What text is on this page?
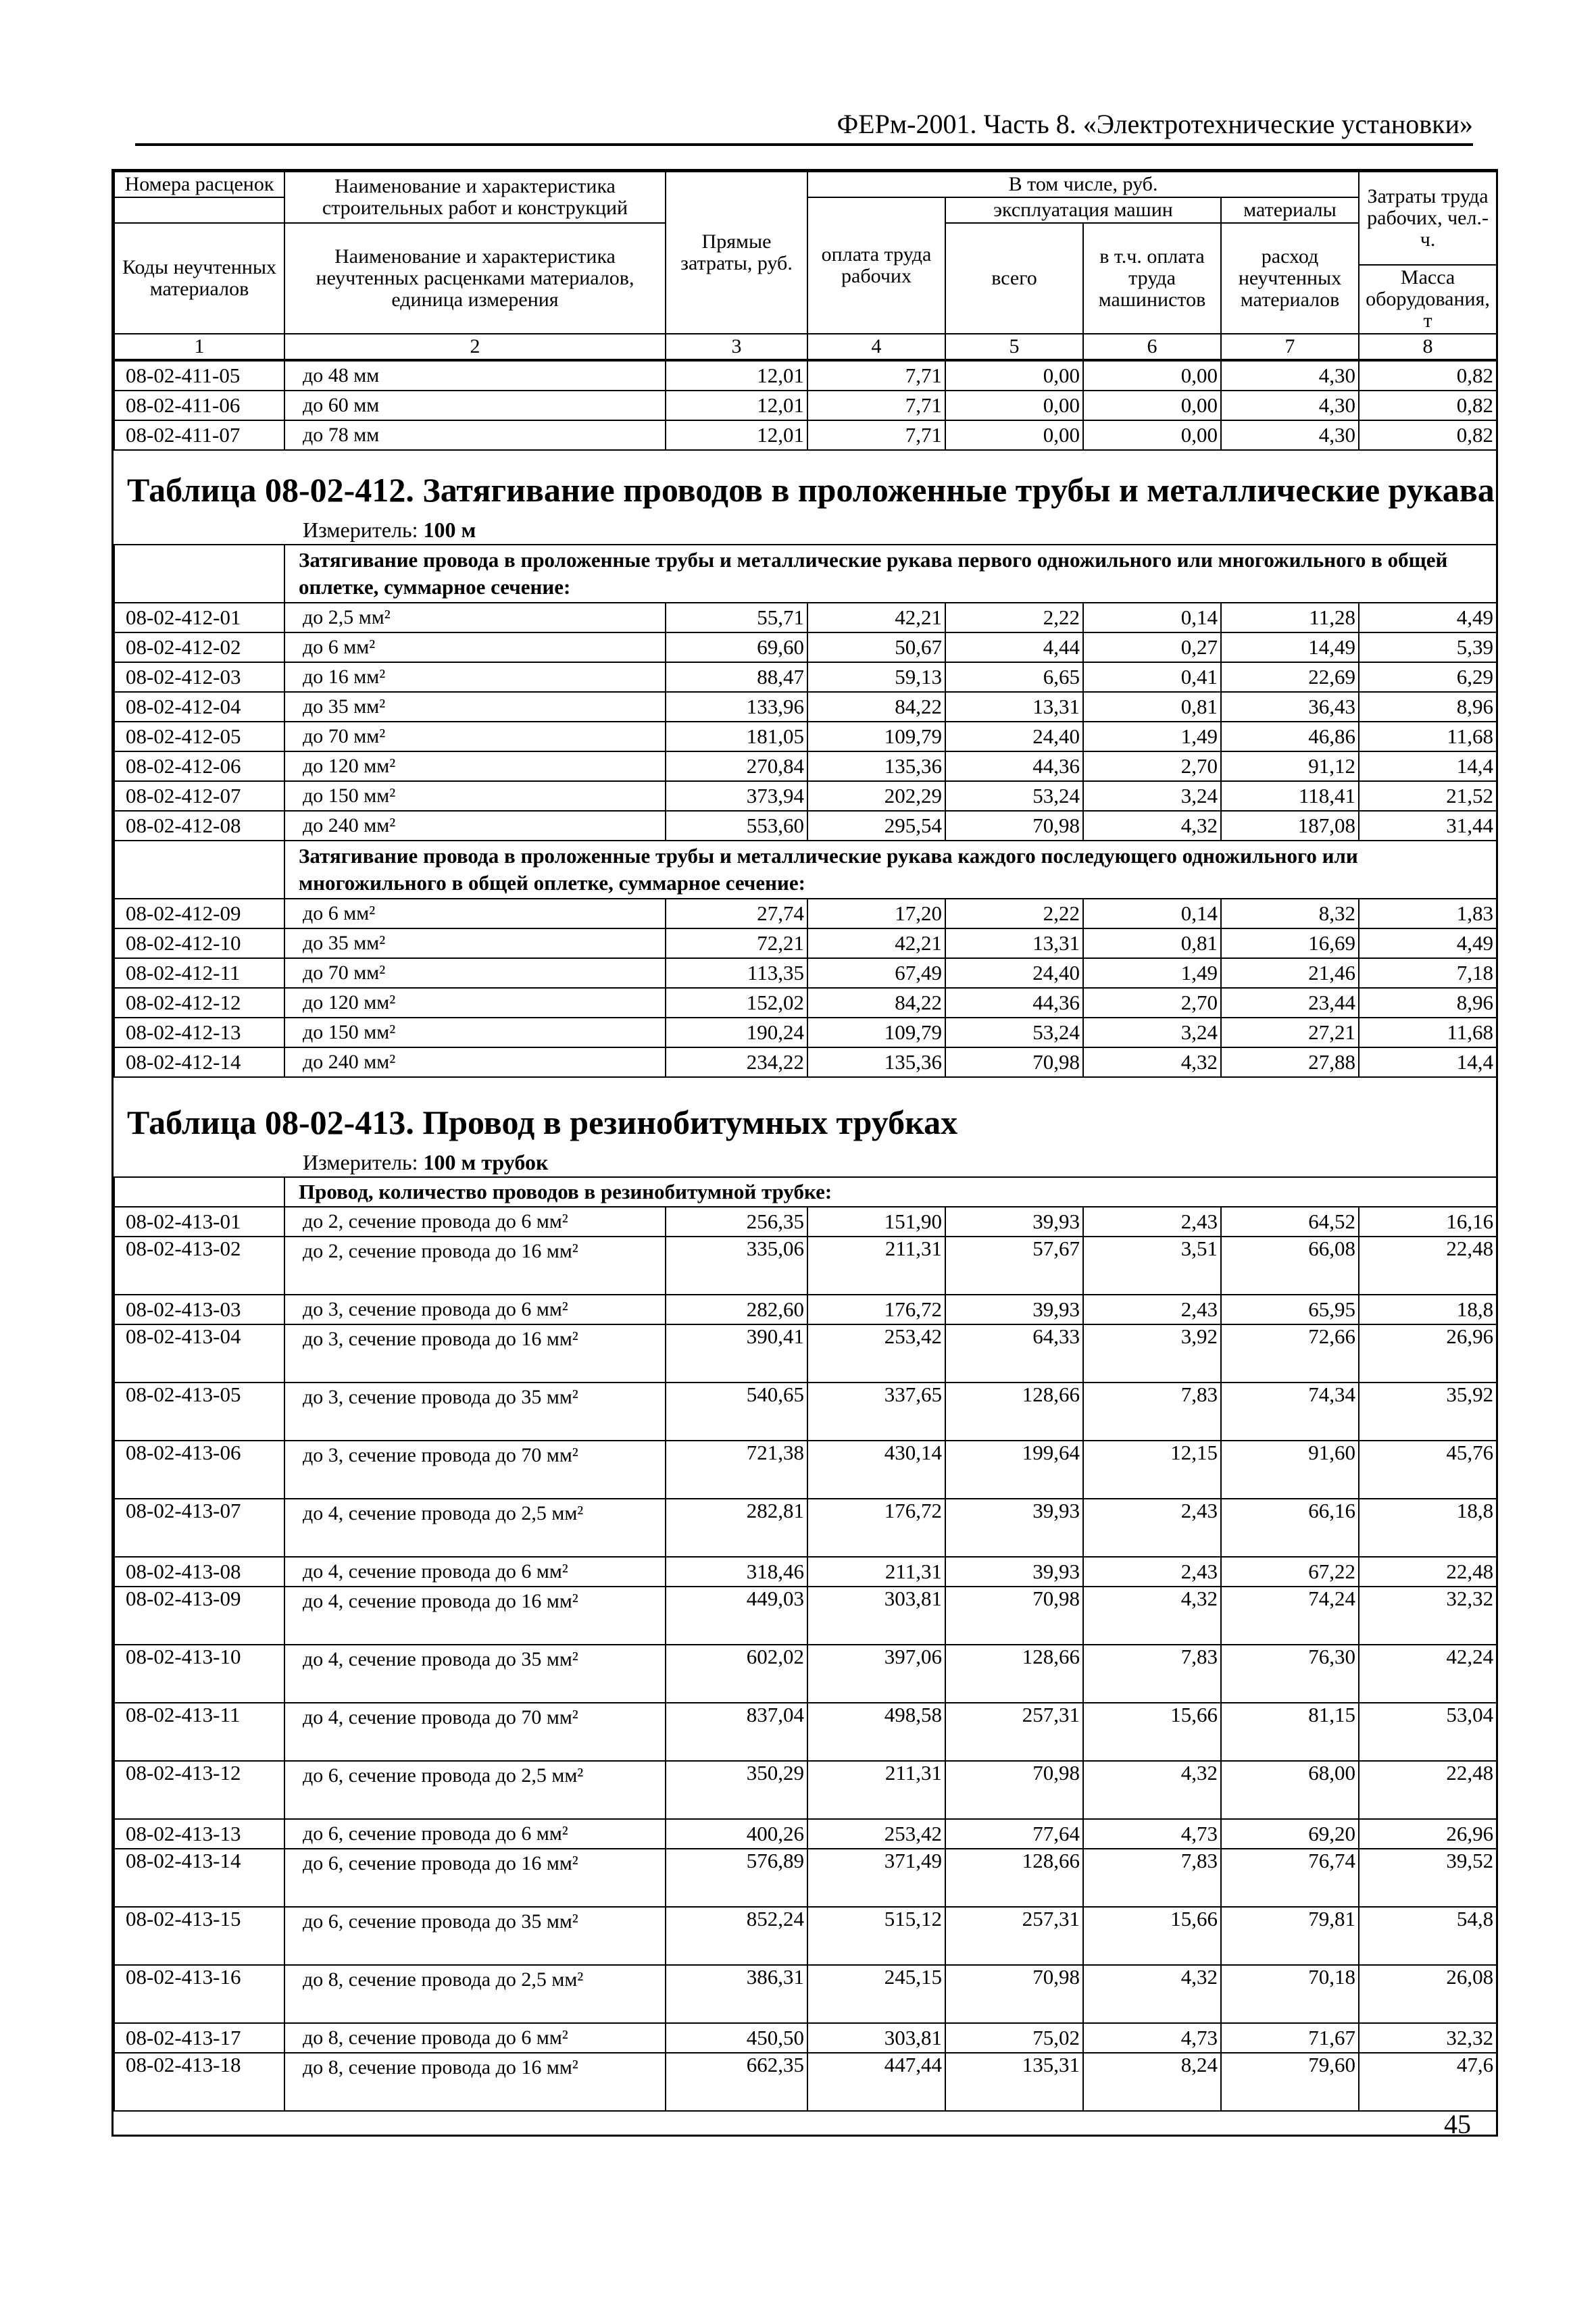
ФЕРм-2001. Часть 8. «Электротехнические установки»
Номера расценок	Наименование и характеристика строительных работ и конструкций	Прямые затраты, руб.	В том числе, руб.				Затраты труда рабочих, чел.-ч.
			оплата труда рабочих	эксплуатация машин		материалы	
Коды неучтенных материалов	Наименование и характеристика неучтенных расценками материалов, единица измерения			всего	в т.ч. оплата труда машинистов	расход неучтенных материалов	
							Масса оборудования, т

1	2	3	4	5	6	7	8
08-02-411-05	до 48 мм	12,01	7,71	0,00	0,00	4,30	0,82
08-02-411-06	до 60 мм	12,01	7,71	0,00	0,00	4,30	0,82
08-02-411-07	до 78 мм	12,01	7,71	0,00	0,00	4,30	0,82
Таблица 08-02-412. Затягивание проводов в проложенные трубы и металлические рукава
Измеритель: 100 м
	Затягивание провода в проложенные трубы и металлические рукава первого одножильного или многожильного в общей оплетке, суммарное сечение:						
08-02-412-01	до 2,5 мм²	55,71	42,21	2,22	0,14	11,28	4,49
08-02-412-02	до 6 мм²	69,60	50,67	4,44	0,27	14,49	5,39
08-02-412-03	до 16 мм²	88,47	59,13	6,65	0,41	22,69	6,29
08-02-412-04	до 35 мм²	133,96	84,22	13,31	0,81	36,43	8,96
08-02-412-05	до 70 мм²	181,05	109,79	24,40	1,49	46,86	11,68
08-02-412-06	до 120 мм²	270,84	135,36	44,36	2,70	91,12	14,4
08-02-412-07	до 150 мм²	373,94	202,29	53,24	3,24	118,41	21,52
08-02-412-08	до 240 мм²	553,60	295,54	70,98	4,32	187,08	31,44
	Затягивание провода в проложенные трубы и металлические рукава каждого последующего одножильного или многожильного в общей оплетке, суммарное сечение:						
08-02-412-09	до 6 мм²	27,74	17,20	2,22	0,14	8,32	1,83
08-02-412-10	до 35 мм²	72,21	42,21	13,31	0,81	16,69	4,49
08-02-412-11	до 70 мм²	113,35	67,49	24,40	1,49	21,46	7,18
08-02-412-12	до 120 мм²	152,02	84,22	44,36	2,70	23,44	8,96
08-02-412-13	до 150 мм²	190,24	109,79	53,24	3,24	27,21	11,68
08-02-412-14	до 240 мм²	234,22	135,36	70,98	4,32	27,88	14,4
Таблица 08-02-413. Провод в резинобитумных трубках
Измеритель: 100 м трубок
	Провод, количество проводов в резинобитумной трубке:						
08-02-413-01	до 2, сечение провода до 6 мм²	256,35	151,90	39,93	2,43	64,52	16,16
08-02-413-02	до 2, сечение провода до 16 мм²	335,06	211,31	57,67	3,51	66,08	22,48
08-02-413-03	до 3, сечение провода до 6 мм²	282,60	176,72	39,93	2,43	65,95	18,8
08-02-413-04	до 3, сечение провода до 16 мм²	390,41	253,42	64,33	3,92	72,66	26,96
08-02-413-05	до 3, сечение провода до 35 мм²	540,65	337,65	128,66	7,83	74,34	35,92
08-02-413-06	до 3, сечение провода до 70 мм²	721,38	430,14	199,64	12,15	91,60	45,76
08-02-413-07	до 4, сечение провода до 2,5 мм²	282,81	176,72	39,93	2,43	66,16	18,8
08-02-413-08	до 4, сечение провода до 6 мм²	318,46	211,31	39,93	2,43	67,22	22,48
08-02-413-09	до 4, сечение провода до 16 мм²	449,03	303,81	70,98	4,32	74,24	32,32
08-02-413-10	до 4, сечение провода до 35 мм²	602,02	397,06	128,66	7,83	76,30	42,24
08-02-413-11	до 4, сечение провода до 70 мм²	837,04	498,58	257,31	15,66	81,15	53,04
08-02-413-12	до 6, сечение провода до 2,5 мм²	350,29	211,31	70,98	4,32	68,00	22,48
08-02-413-13	до 6, сечение провода до 6 мм²	400,26	253,42	77,64	4,73	69,20	26,96
08-02-413-14	до 6, сечение провода до 16 мм²	576,89	371,49	128,66	7,83	76,74	39,52
08-02-413-15	до 6, сечение провода до 35 мм²	852,24	515,12	257,31	15,66	79,81	54,8
08-02-413-16	до 8, сечение провода до 2,5 мм²	386,31	245,15	70,98	4,32	70,18	26,08
08-02-413-17	до 8, сечение провода до 6 мм²	450,50	303,81	75,02	4,73	71,67	32,32
08-02-413-18	до 8, сечение провода до 16 мм²	662,35	447,44	135,31	8,24	79,60	47,6
45
